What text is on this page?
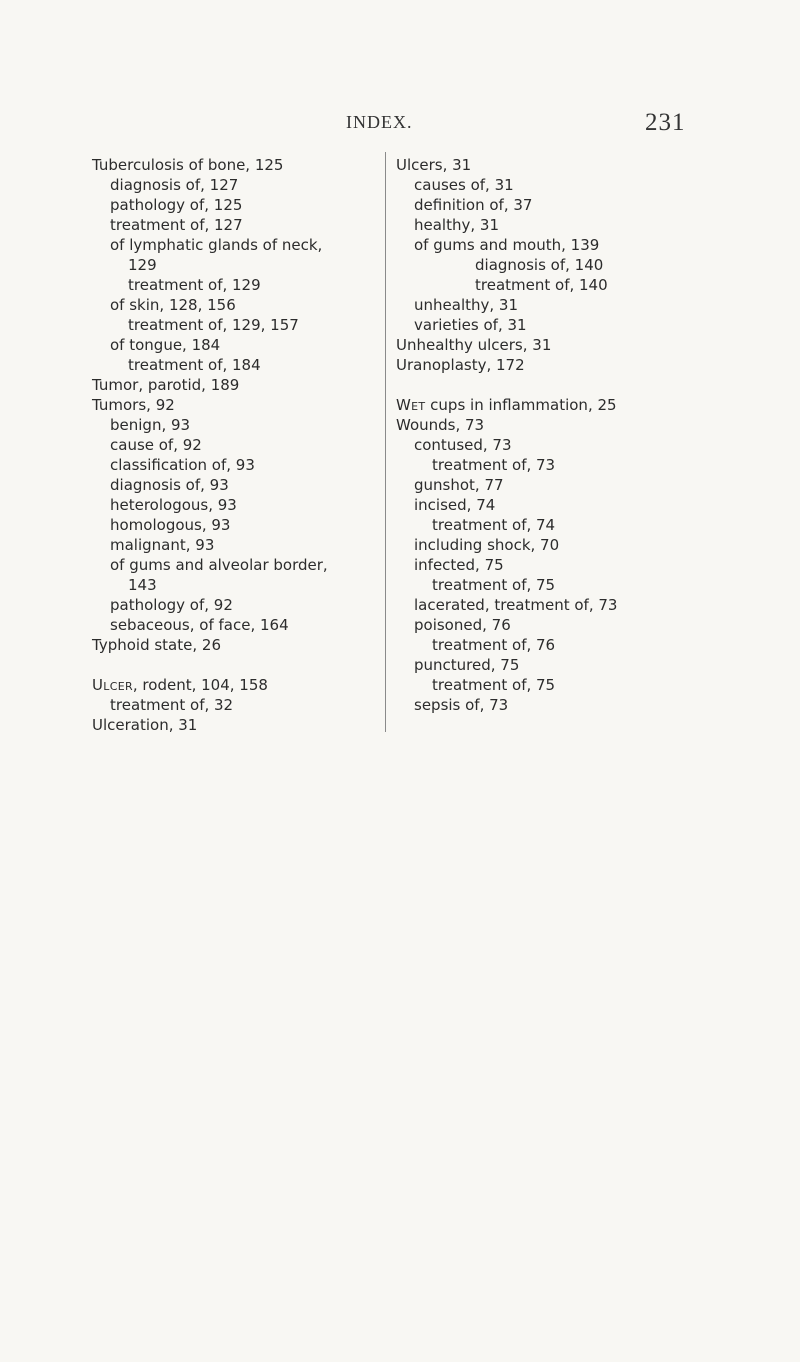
INDEX.	231
Tuberculosis of bone, 125
diagnosis of, 127
pathology of, 125
treatment of, 127
of lymphatic glands of neck,
129
treatment of, 129
of skin, 128, 156
treatment of, 129, 157
of tongue, 184
treatment of, 184
Tumor, parotid, 189
Tumors, 92
benign, 93
cause of, 92
classification of, 93
diagnosis of, 93
heterologous, 93
homologous, 93
malignant, 93
of gums and alveolar border,
143
pathology of, 92
sebaceous, of face, 164
Typhoid state, 26
Ulcer, rodent, 104, 158
treatment of, 32
Ulceration, 31
Ulcers, 31
causes of, 31
definition of, 37
healthy, 31
of gums and mouth, 139
diagnosis of, 140
treatment of, 140
unhealthy, 31
varieties of, 31
Unhealthy ulcers, 31
Uranoplasty, 172
Wet cups in inflammation, 25
Wounds, 73
contused, 73
treatment of, 73
gunshot, 77
incised, 74
treatment of, 74
including shock, 70
infected, 75
treatment of, 75
lacerated, treatment of, 73
poisoned, 76
treatment of, 76
punctured, 75
treatment of, 75
sepsis of, 73
